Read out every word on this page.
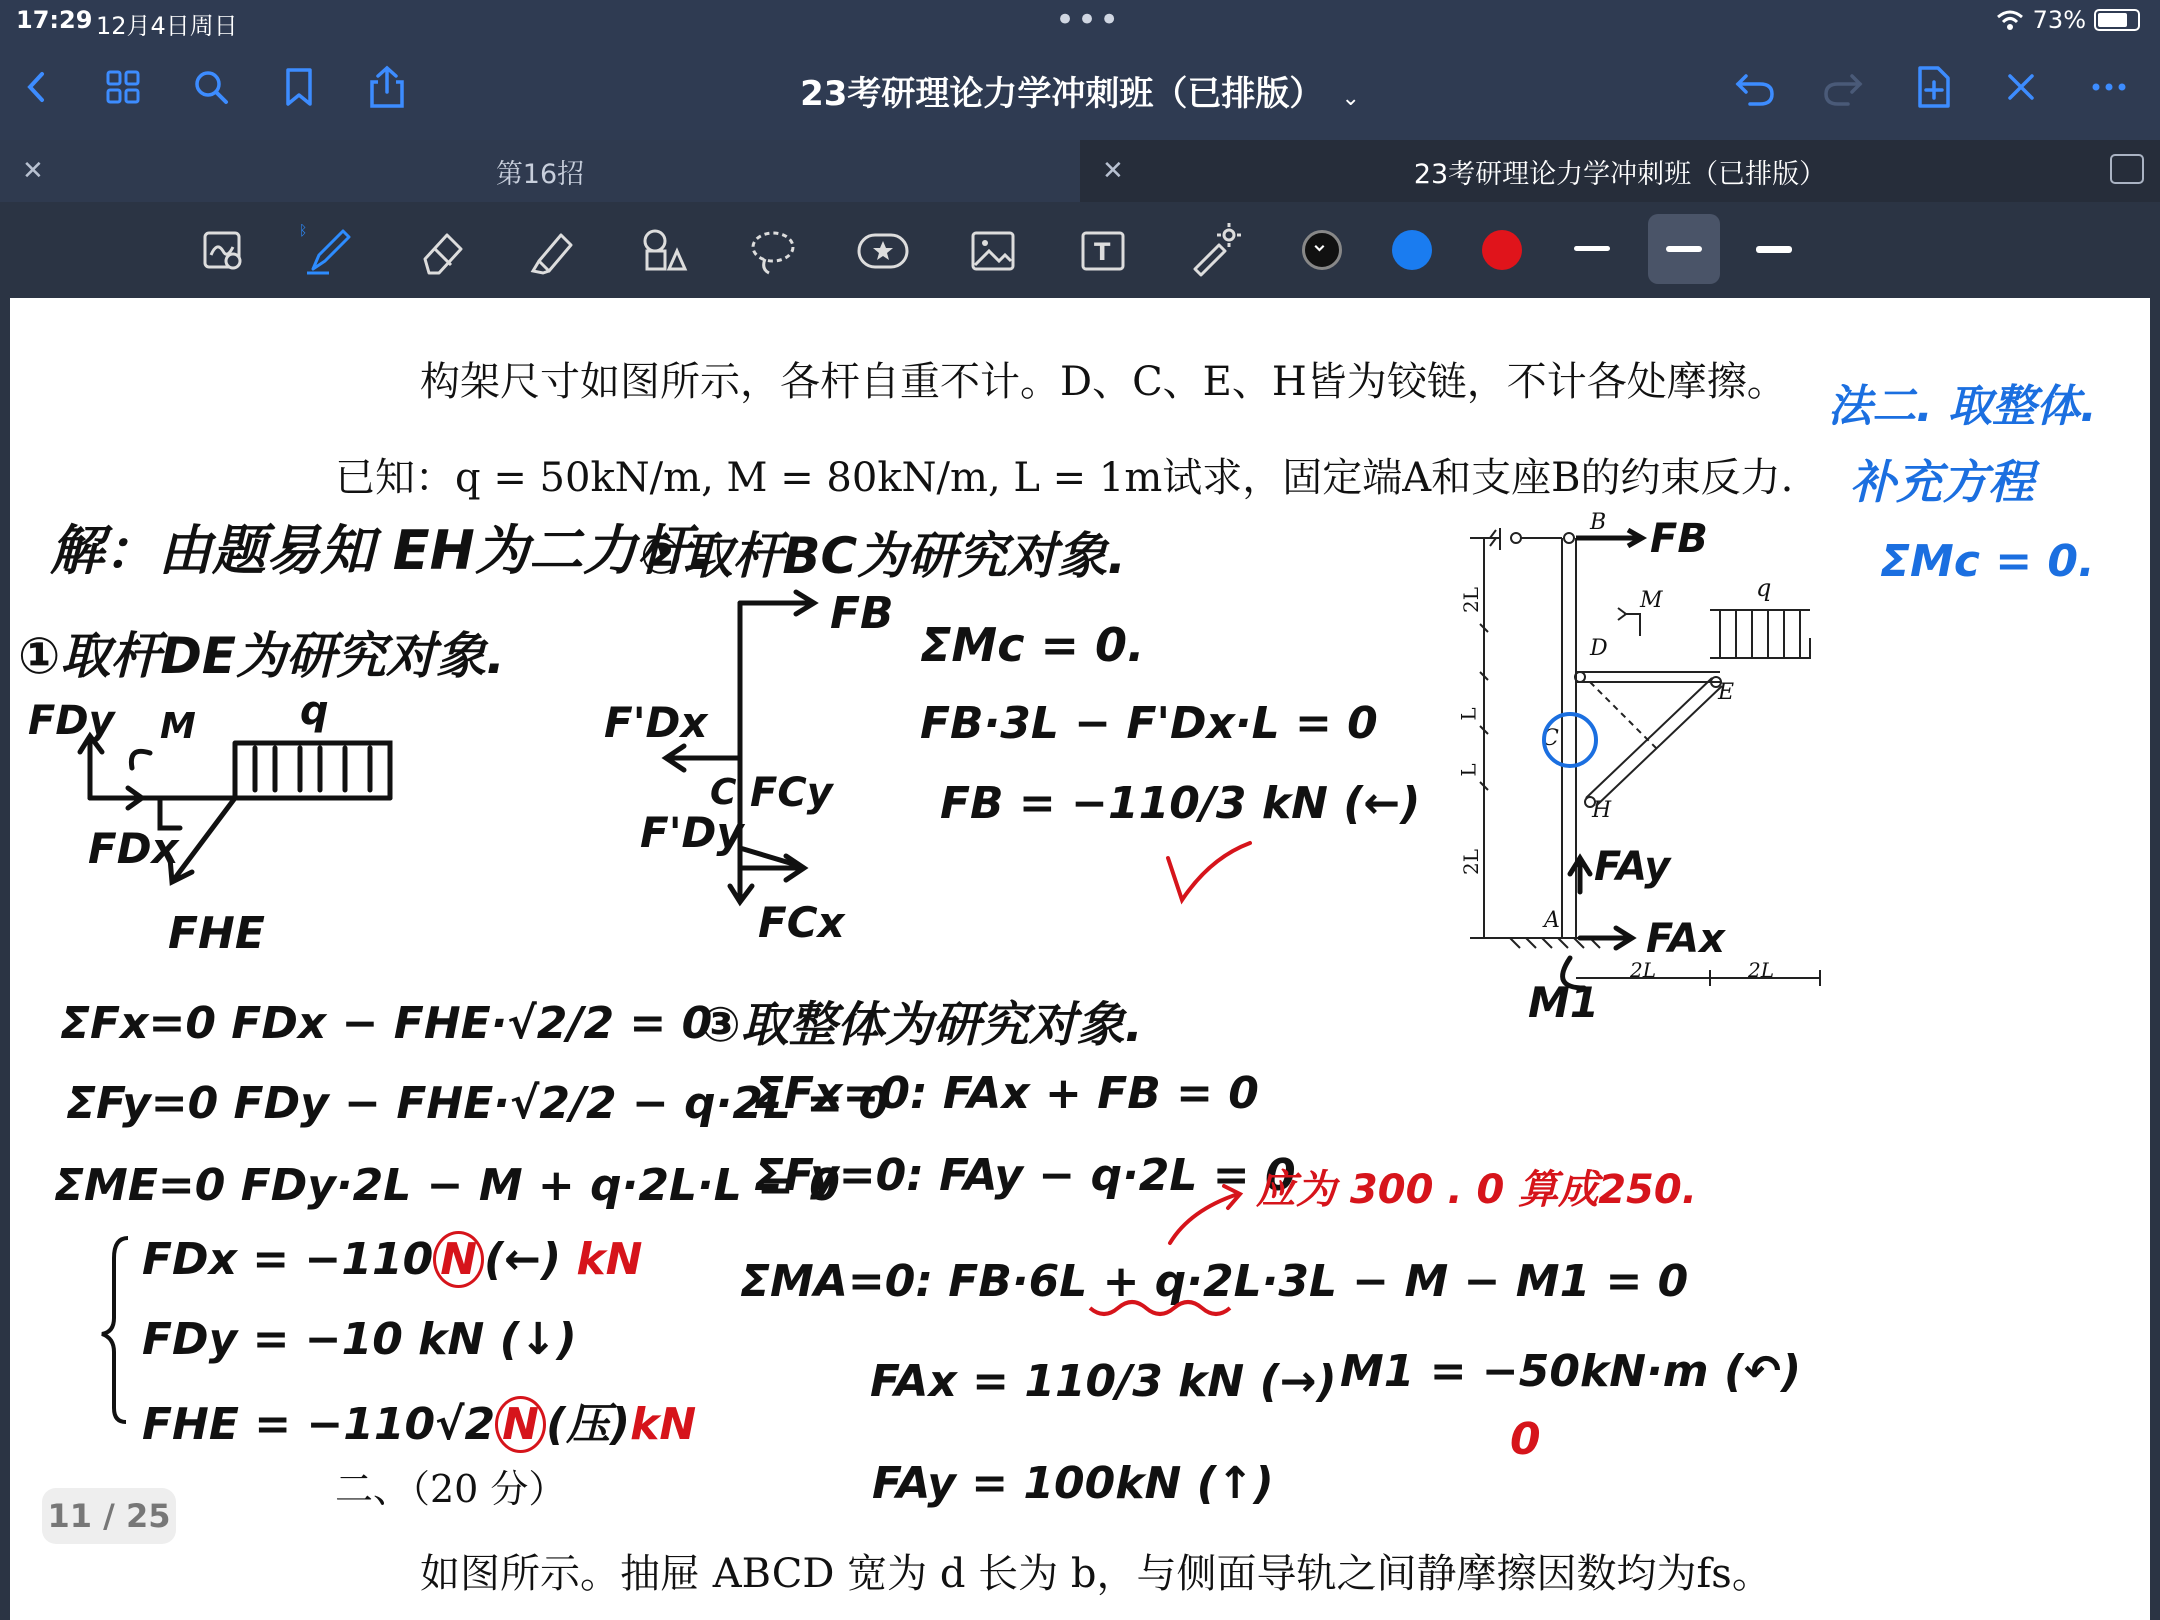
17:29 12月4日周日	•••	73%
23考研理论力学冲刺班（已排版） ⌄
✕	第16招	✕	23考研理论力学冲刺班（已排版）
ᛒ
T
构架尺寸如图所示，各杆自重不计。D、C、E、H皆为铰链，不计各处摩擦。
已知：q = 50kN/m, M = 80kN/m, L = 1m试求，固定端A和支座B的约束反力.
二、（20 分）
如图所示。抽屉 ABCD 宽为 d 长为 b，与侧面导轨之间静摩擦因数均为fs。
解：由题易知 EH为二力杆.
①取杆DE为研究对象.
②取杆BC为研究对象.
③取整体为研究对象.
FDy M	q
FDx
FHE
ΣFx=0 FDx − FHE·√2/2 = 0
ΣFy=0 FDy − FHE·√2/2 − q·2L = 0
ΣME=0 FDy·2L − M + q·2L·L = 0
FDx = −110 N (←) kN
FDy = −10 kN (↓)
FHE = −110√2 N (压)kN
FB
F'Dx
F'Dy
C FCy
FCx
ΣMc = 0.
FB·3L − F'Dx·L = 0
FB = −110/3 kN (←)
ΣFx=0: FAx + FB = 0
ΣFy=0: FAy − q·2L = 0
ΣMA=0: FB·6L + q·2L·3L − M − M1 = 0
FAx = 110/3 kN (→)
FAy = 100kN (↑)
M1 = −50kN·m (↶)
应为 300 . 0 算成250.
0
法二. 取整体.
补充方程
ΣMc = 0.
B FB
M	q
D
E
C
H
A
FAy
FAx
M1
2L
L
L
2L
2L	2L
11 / 25
